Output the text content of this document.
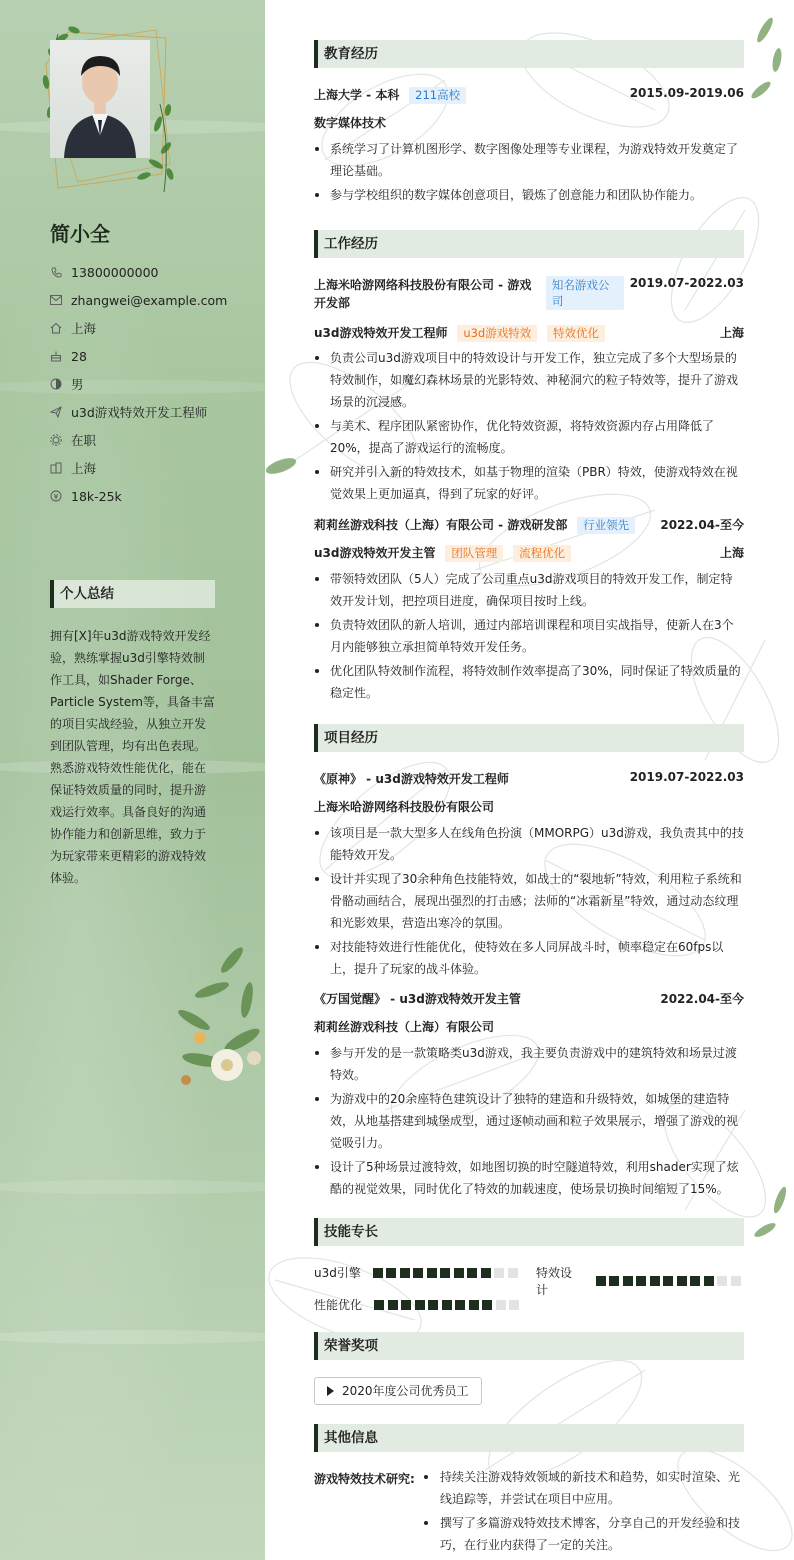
简小全
13800000000
zhangwei@example.com
上海
28
男
u3d游戏特效开发工程师
在职
上海
18k-25k
个人总结
拥有[X]年u3d游戏特效开发经验，熟练掌握u3d引擎特效制作工具，如Shader Forge、Particle System等，具备丰富的项目实战经验，从独立开发到团队管理，均有出色表现。熟悉游戏特效性能优化，能在保证特效质量的同时，提升游戏运行效率。具备良好的沟通协作能力和创新思维，致力于为玩家带来更精彩的游戏特效体验。
教育经历
上海大学 - 本科 211高校	2015.09-2019.06
数字媒体技术
系统学习了计算机图形学、数字图像处理等专业课程，为游戏特效开发奠定了理论基础。
参与学校组织的数字媒体创意项目，锻炼了创意能力和团队协作能力。
工作经历
上海米哈游网络科技股份有限公司 - 游戏开发部 知名游戏公司
2019.07-2022.03
u3d游戏特效开发工程师 u3d游戏特效 特效优化	上海
负责公司u3d游戏项目中的特效设计与开发工作，独立完成了多个大型场景的特效制作，如魔幻森林场景的光影特效、神秘洞穴的粒子特效等，提升了游戏场景的沉浸感。
与美术、程序团队紧密协作，优化特效资源，将特效资源内存占用降低了20%，提高了游戏运行的流畅度。
研究并引入新的特效技术，如基于物理的渲染（PBR）特效，使游戏特效在视觉效果上更加逼真，得到了玩家的好评。
莉莉丝游戏科技（上海）有限公司 - 游戏研发部 行业领先	2022.04-至今
u3d游戏特效开发主管 团队管理 流程优化	上海
带领特效团队（5人）完成了公司重点u3d游戏项目的特效开发工作，制定特效开发计划，把控项目进度，确保项目按时上线。
负责特效团队的新人培训，通过内部培训课程和项目实战指导，使新人在3个月内能够独立承担简单特效开发任务。
优化团队特效制作流程，将特效制作效率提高了30%，同时保证了特效质量的稳定性。
项目经历
《原神》 - u3d游戏特效开发工程师	2019.07-2022.03
上海米哈游网络科技股份有限公司
该项目是一款大型多人在线角色扮演（MMORPG）u3d游戏，我负责其中的技能特效开发。
设计并实现了30余种角色技能特效，如战士的“裂地斩”特效，利用粒子系统和骨骼动画结合，展现出强烈的打击感；法师的“冰霜新星”特效，通过动态纹理和光影效果，营造出寒冷的氛围。
对技能特效进行性能优化，使特效在多人同屏战斗时，帧率稳定在60fps以上，提升了玩家的战斗体验。
《万国觉醒》 - u3d游戏特效开发主管	2022.04-至今
莉莉丝游戏科技（上海）有限公司
参与开发的是一款策略类u3d游戏，我主要负责游戏中的建筑特效和场景过渡特效。
为游戏中的20余座特色建筑设计了独特的建造和升级特效，如城堡的建造特效，从地基搭建到城堡成型，通过逐帧动画和粒子效果展示，增强了游戏的视觉吸引力。
设计了5种场景过渡特效，如地图切换的时空隧道特效，利用shader实现了炫酷的视觉效果，同时优化了特效的加载速度，使场景切换时间缩短了15%。
技能专长
u3d引擎	特效设计
性能优化
荣誉奖项
2020年度公司优秀员工
其他信息
游戏特效技术研究:	持续关注游戏特效领域的新技术和趋势，如实时渲染、光线追踪等，并尝试在项目中应用。
撰写了多篇游戏特效技术博客，分享自己的开发经验和技巧，在行业内获得了一定的关注。
